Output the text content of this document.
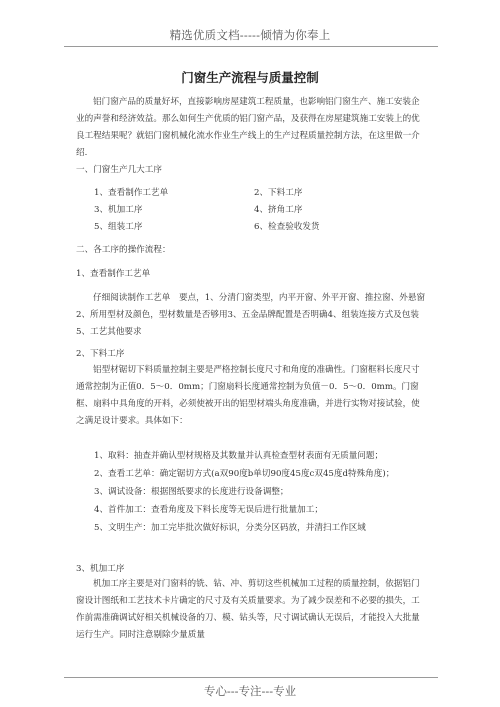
精选优质文档-----倾情为你奉上
门窗生产流程与质量控制

铝门窗产品的质量好坏，直接影响房屋建筑工程质量，也影响铝门窗生产、施工安装企业的声誉和经济效益。那么如何生产优质的铝门窗产品，及获得在房屋建筑施工安装上的优良工程结果呢？就铝门窗机械化流水作业生产线上的生产过程质量控制方法，在这里做一介绍.

一、门窗生产几大工序
1、查看制作工艺单	2、下料工序
3、机加工序	4、挤角工序
5、组装工序	6、检查验收发货
二、各工序的操作流程：
1、查看制作工艺单

仔细阅读制作工艺单　要点，1、分清门窗类型，内平开窗、外平开窗、推拉窗、外悬窗2、所用型材及颜色，型材数量是否够用3、五金品牌配置是否明确4、组装连接方式及包装5、工艺其他要求

2、下料工序

铝型材锯切下料质量控制主要是严格控制长度尺寸和角度的准确性。门窗框料长度尺寸通常控制为正值0．5～0．0mm；门窗扇料长度通常控制为负值－0．5～0．0mm。门窗框、扇料中具角度的开料，必须使被开出的铝型材端头角度准确，并进行实物对接试验，使之满足设计要求。具体如下：

1、取料：抽查并确认型材规格及其数量并认真检查型材表面有无质量问题；
2、查看工艺单：确定锯切方式(a双90度b单切90度45度c双45度d特殊角度)；
3、调试设备：根据图纸要求的长度进行设备调整；
4、首件加工：查看角度及下料长度等无误后进行批量加工；
5、文明生产：加工完毕批次做好标识，分类分区码放，并清扫工作区域
3、机加工序

机加工序主要是对门窗料的铣、钻、冲、剪切这些机械加工过程的质量控制，依据铝门窗设计图纸和工艺技术卡片确定的尺寸及有关质量要求。为了减少误差和不必要的损失，工作前需准确调试好相关机械设备的刀、模、钻头等，尺寸调试确认无误后，才能投入大批量运行生产。同时注意剔除少量质量

专心---专注---专业
